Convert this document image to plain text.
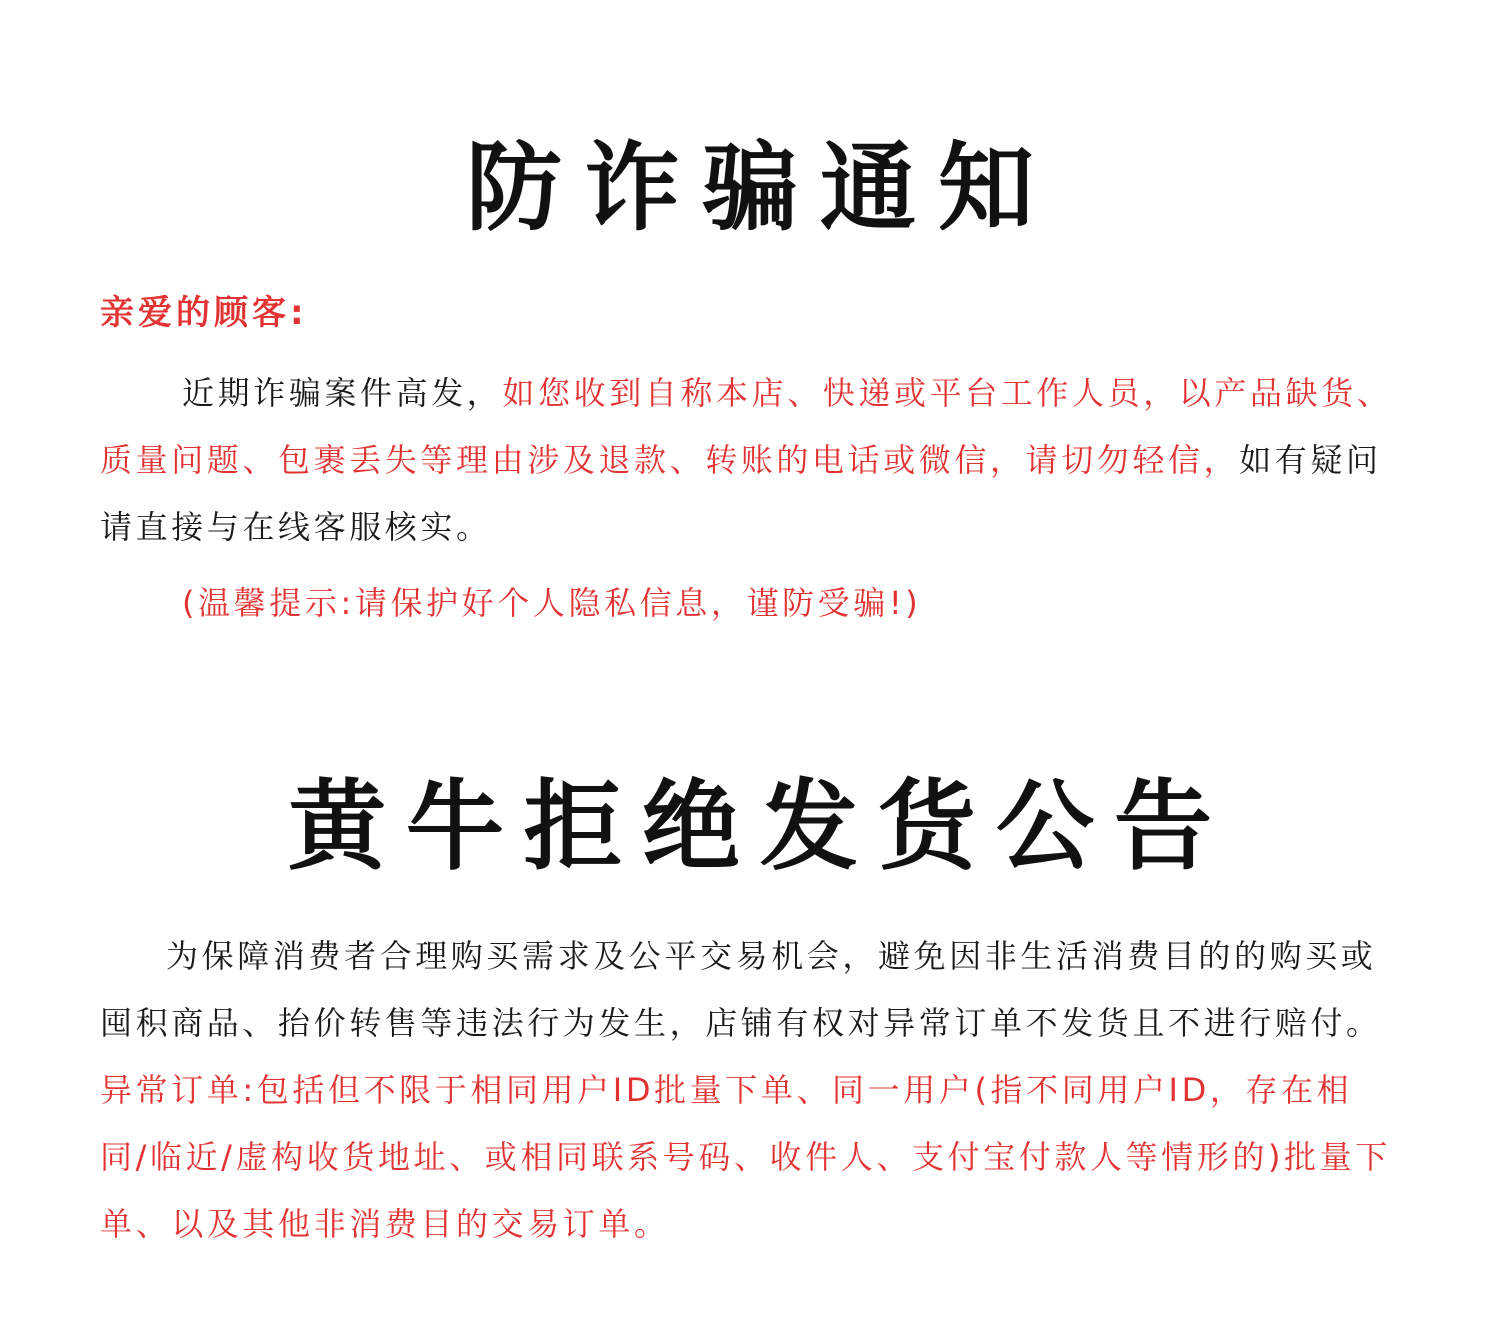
防诈骗通知

亲爱的顾客:

近期诈骗案件高发，如您收到自称本店、快递或平台工作人员，以产品缺货、质量问题、包裹丢失等理由涉及退款、转账的电话或微信，请切勿轻信，如有疑问请直接与在线客服核实。

(温馨提示:请保护好个人隐私信息，谨防受骗!)

黄牛拒绝发货公告

为保障消费者合理购买需求及公平交易机会，避免因非生活消费目的的购买或囤积商品、抬价转售等违法行为发生，店铺有权对异常订单不发货且不进行赔付。异常订单:包括但不限于相同用户ID批量下单、同一用户(指不同用户ID，存在相同/临近/虚构收货地址、或相同联系号码、收件人、支付宝付款人等情形的)批量下单、以及其他非消费目的交易订单。
